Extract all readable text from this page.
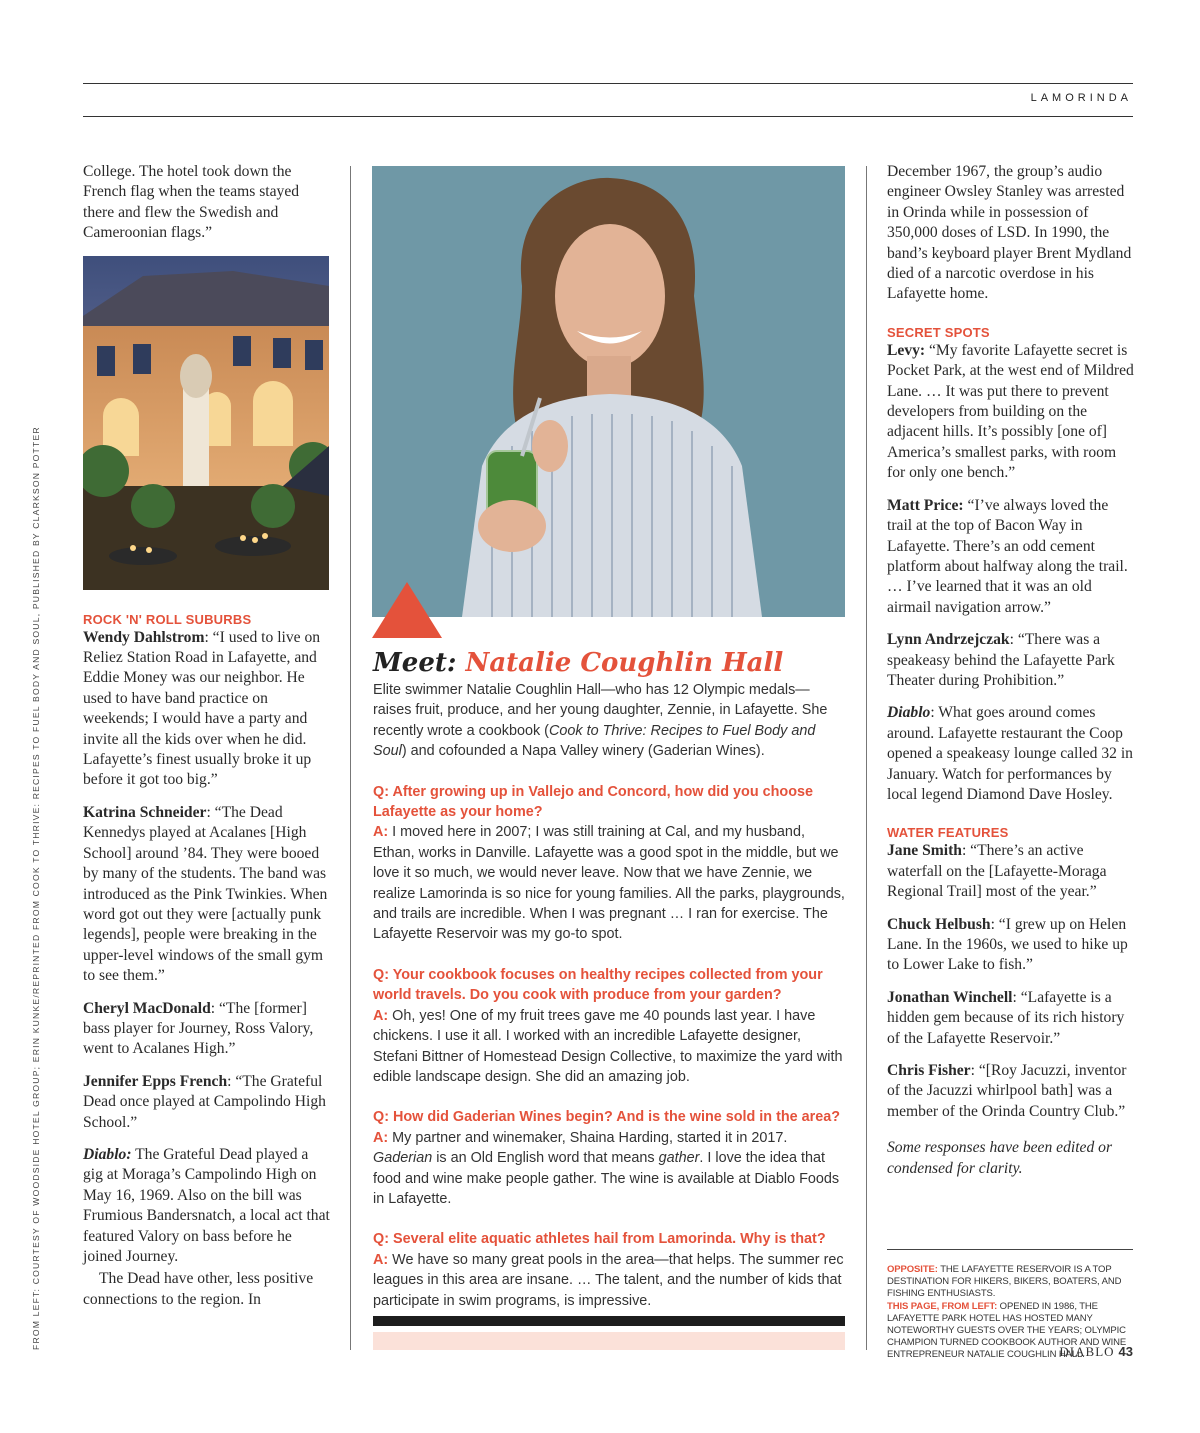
LAMORINDA
FROM LEFT: COURTESY OF WOODSIDE HOTEL GROUP; ERIN KUNKE/REPRINTED FROM COOK TO THRIVE: RECIPES TO FUEL BODY AND SOUL, PUBLISHED BY CLARKSON POTTER

College. The hotel took down the French flag when the teams stayed there and flew the Swedish and Cameroonian flags.”

ROCK 'N' ROLL SUBURBS

Wendy Dahlstrom: “I used to live on Reliez Station Road in Lafayette, and Eddie Money was our neighbor. He used to have band practice on weekends; I would have a party and invite all the kids over when he did. Lafayette’s finest usually broke it up before it got too big.”

Katrina Schneider: “The Dead Kennedys played at Acalanes [High School] around ’84. They were booed by many of the students. The band was introduced as the Pink Twinkies. When word got out they were [actually punk legends], people were breaking in the upper-level windows of the small gym to see them.”

Cheryl MacDonald: “The [former] bass player for Journey, Ross Valory, went to Acalanes High.”

Jennifer Epps French: “The Grateful Dead once played at Campolindo High School.”

Diablo: The Grateful Dead played a gig at Moraga’s Campolindo High on May 16, 1969. Also on the bill was Frumious Bandersnatch, a local act that featured Valory on bass before he joined Journey.

The Dead have other, less positive connections to the region. In

Meet: Natalie Coughlin Hall

Elite swimmer Natalie Coughlin Hall—who has 12 Olympic medals—raises fruit, produce, and her young daughter, Zennie, in Lafayette. She recently wrote a cookbook (Cook to Thrive: Recipes to Fuel Body and Soul) and cofounded a Napa Valley winery (Gaderian Wines).

Q: After growing up in Vallejo and Concord, how did you choose Lafayette as your home?

A: I moved here in 2007; I was still training at Cal, and my husband, Ethan, works in Danville. Lafayette was a good spot in the middle, but we love it so much, we would never leave. Now that we have Zennie, we realize Lamorinda is so nice for young families. All the parks, playgrounds, and trails are incredible. When I was pregnant … I ran for exercise. The Lafayette Reservoir was my go-to spot.

Q: Your cookbook focuses on healthy recipes collected from your world travels. Do you cook with produce from your garden?

A: Oh, yes! One of my fruit trees gave me 40 pounds last year. I have chickens. I use it all. I worked with an incredible Lafayette designer, Stefani Bittner of Homestead Design Collective, to maximize the yard with edible landscape design. She did an amazing job.

Q: How did Gaderian Wines begin? And is the wine sold in the area?

A: My partner and winemaker, Shaina Harding, started it in 2017. Gaderian is an Old English word that means gather. I love the idea that food and wine make people gather. The wine is available at Diablo Foods in Lafayette.

Q: Several elite aquatic athletes hail from Lamorinda. Why is that?

A: We have so many great pools in the area—that helps. The summer rec leagues in this area are insane. … The talent, and the number of kids that participate in swim programs, is impressive.

December 1967, the group’s audio engineer Owsley Stanley was arrested in Orinda while in possession of 350,000 doses of LSD. In 1990, the band’s keyboard player Brent Mydland died of a narcotic overdose in his Lafayette home.

SECRET SPOTS

Levy: “My favorite Lafayette secret is Pocket Park, at the west end of Mildred Lane. … It was put there to prevent developers from building on the adjacent hills. It’s possibly [one of] America’s smallest parks, with room for only one bench.”

Matt Price: “I’ve always loved the trail at the top of Bacon Way in Lafayette. There’s an odd cement platform about halfway along the trail. … I’ve learned that it was an old airmail navigation arrow.”

Lynn Andrzejczak: “There was a speakeasy behind the Lafayette Park Theater during Prohibition.”

Diablo: What goes around comes around. Lafayette restaurant the Coop opened a speakeasy lounge called 32 in January. Watch for performances by local legend Diamond Dave Hosley.

WATER FEATURES

Jane Smith: “There’s an active waterfall on the [Lafayette-Moraga Regional Trail] most of the year.”

Chuck Helbush: “I grew up on Helen Lane. In the 1960s, we used to hike up to Lower Lake to fish.”

Jonathan Winchell: “Lafayette is a hidden gem because of its rich history of the Lafayette Reservoir.”

Chris Fisher: “[Roy Jacuzzi, inventor of the Jacuzzi whirlpool bath] was a member of the Orinda Country Club.”

Some responses have been edited or condensed for clarity.

OPPOSITE: THE LAFAYETTE RESERVOIR IS A TOP DESTINATION FOR HIKERS, BIKERS, BOATERS, AND FISHING ENTHUSIASTS.
THIS PAGE, FROM LEFT: OPENED IN 1986, THE LAFAYETTE PARK HOTEL HAS HOSTED MANY NOTEWORTHY GUESTS OVER THE YEARS; OLYMPIC CHAMPION TURNED COOKBOOK AUTHOR AND WINE ENTREPRENEUR NATALIE COUGHLIN HALL.
DIABLO 43
